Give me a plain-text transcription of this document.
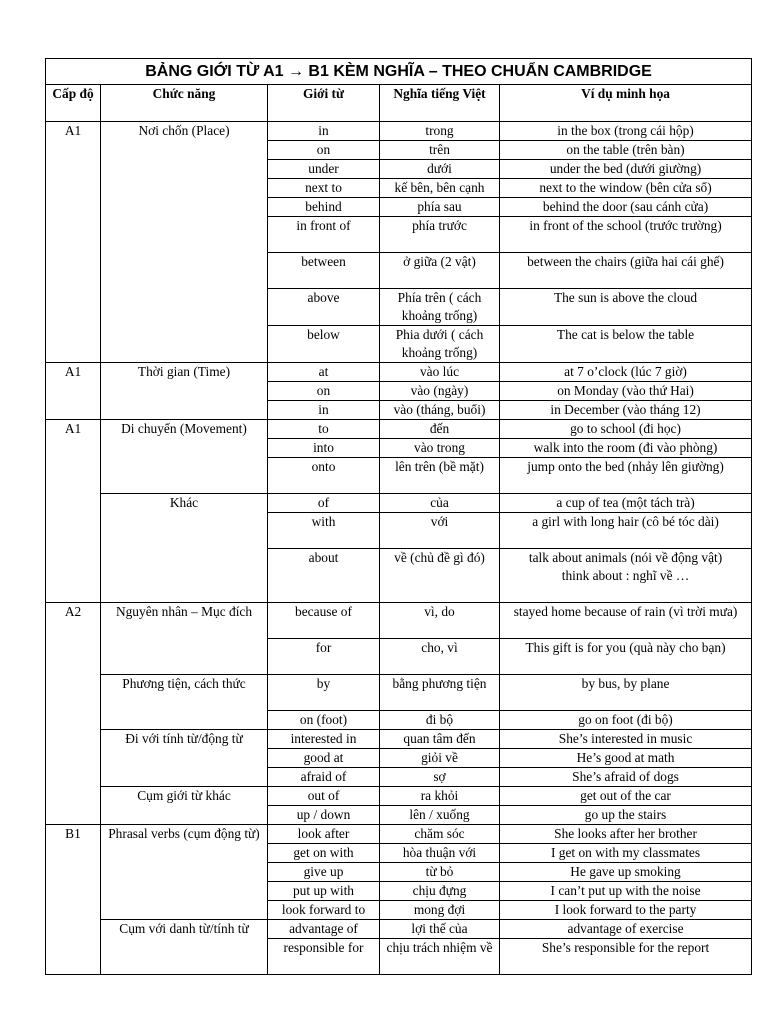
BẢNG GIỚI TỪ A1 → B1 KÈM NGHĨA – THEO CHUẨN CAMBRIDGE				
Cấp độ	Chức năng	Giới từ	Nghĩa tiếng Việt	Ví dụ minh họa
A1	Nơi chốn (Place)	in	trong	in the box (trong cái hộp)
		on	trên	on the table (trên bàn)
		under	dưới	under the bed (dưới giường)
		next to	kế bên, bên cạnh	next to the window (bên cửa sổ)
		behind	phía sau	behind the door (sau cánh cửa)
		in front of	phía trước	in front of the school (trước trường)
		between	ở giữa (2 vật)	between the chairs (giữa hai cái ghế)
		above	Phía trên ( cách khoảng trống)	The sun is above the cloud
		below	Phia dưới ( cách khoảng trống)	The cat is below the table
A1	Thời gian (Time)	at	vào lúc	at 7 o’clock (lúc 7 giờ)
		on	vào (ngày)	on Monday (vào thứ Hai)
		in	vào (tháng, buổi)	in December (vào tháng 12)
A1	Di chuyển (Movement)	to	đến	go to school (đi học)
		into	vào trong	walk into the room (đi vào phòng)
		onto	lên trên (bề mặt)	jump onto the bed (nhảy lên giường)
	Khác	of	của	a cup of tea (một tách trà)
		with	với	a girl with long hair (cô bé tóc dài)
		about	về (chủ đề gì đó)	talk about animals (nói về động vật)
think about : nghĩ về …

A2	Nguyên nhân – Mục đích	because of	vì, do	stayed home because of rain (vì trời mưa)
		for	cho, vì	This gift is for you (quà này cho bạn)
	Phương tiện, cách thức	by	bằng phương tiện	by bus, by plane
		on (foot)	đi bộ	go on foot (đi bộ)
	Đi với tính từ/động từ	interested in	quan tâm đến	She’s interested in music
		good at	giỏi về	He’s good at math
		afraid of	sợ	She’s afraid of dogs
	Cụm giới từ khác	out of	ra khỏi	get out of the car
		up / down	lên / xuống	go up the stairs
B1	Phrasal verbs (cụm động từ)	look after	chăm sóc	She looks after her brother
		get on with	hòa thuận với	I get on with my classmates
		give up	từ bỏ	He gave up smoking
		put up with	chịu đựng	I can’t put up with the noise
		look forward to	mong đợi	I look forward to the party
	Cụm với danh từ/tính từ	advantage of	lợi thế của	advantage of exercise
		responsible for	chịu trách nhiệm về	She’s responsible for the report
